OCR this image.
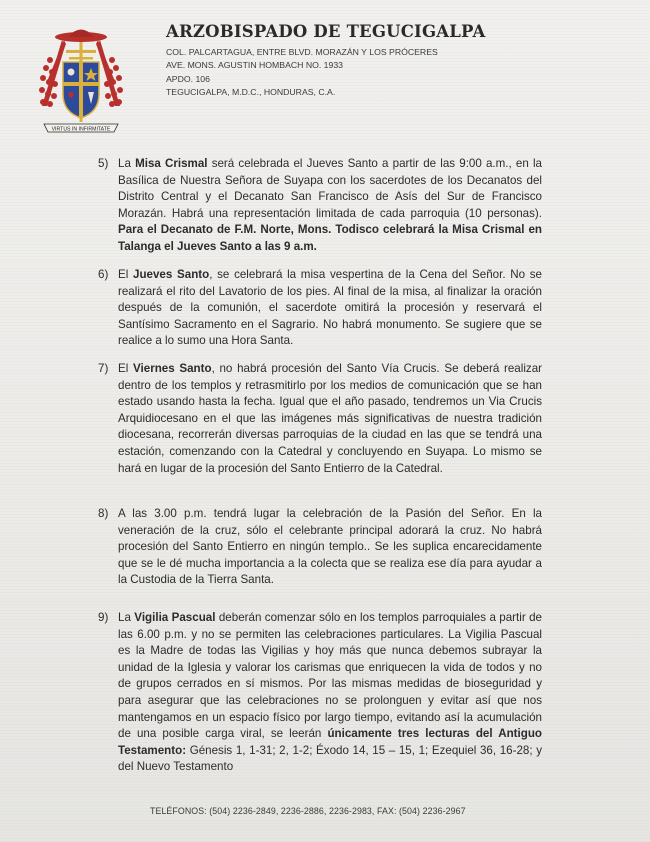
VIRTUS IN INFIRMITATE
ARZOBISPADO DE TEGUCIGALPA
COL. PALCARTAGUA, ENTRE BLVD. MORAZÁN Y LOS PRÓCERES
AVE. MONS. AGUSTIN HOMBACH NO. 1933
APDO. 106
TEGUCIGALPA, M.D.C., HONDURAS, C.A.
5) La Misa Crismal será celebrada el Jueves Santo a partir de las 9:00 a.m., en la Basílica de Nuestra Señora de Suyapa con los sacerdotes de los Decanatos del Distrito Central y el Decanato San Francisco de Asís del Sur de Francisco Morazán. Habrá una representación limitada de cada parroquia (10 personas). Para el Decanato de F.M. Norte, Mons. Todisco celebrará la Misa Crismal en Talanga el Jueves Santo a las 9 a.m.
6) El Jueves Santo, se celebrará la misa vespertina de la Cena del Señor. No se realizará el rito del Lavatorio de los pies. Al final de la misa, al finalizar la oración después de la comunión, el sacerdote omitirá la procesión y reservará el Santísimo Sacramento en el Sagrario. No habrá monumento. Se sugiere que se realice a lo sumo una Hora Santa.
7) El Viernes Santo, no habrá procesión del Santo Vía Crucis. Se deberá realizar dentro de los templos y retrasmitirlo por los medios de comunicación que se han estado usando hasta la fecha. Igual que el año pasado, tendremos un Via Crucis Arquidiocesano en el que las imágenes más significativas de nuestra tradición diocesana, recorrerán diversas parroquias de la ciudad en las que se tendrá una estación, comenzando con la Catedral y concluyendo en Suyapa. Lo mismo se hará en lugar de la procesión del Santo Entierro de la Catedral.
8) A las 3.00 p.m. tendrá lugar la celebración de la Pasión del Señor. En la veneración de la cruz, sólo el celebrante principal adorará la cruz. No habrá procesión del Santo Entierro en ningún templo.. Se les suplica encarecidamente que se le dé mucha importancia a la colecta que se realiza ese día para ayudar a la Custodia de la Tierra Santa.
9) La Vigilia Pascual deberán comenzar sólo en los templos parroquiales a partir de las 6.00 p.m. y no se permiten las celebraciones particulares. La Vigilia Pascual es la Madre de todas las Vigilias y hoy más que nunca debemos subrayar la unidad de la Iglesia y valorar los carismas que enriquecen la vida de todos y no de grupos cerrados en sí mismos. Por las mismas medidas de bioseguridad y para asegurar que las celebraciones no se prolonguen y evitar así que nos mantengamos en un espacio físico por largo tiempo, evitando así la acumulación de una posible carga viral, se leerán únicamente tres lecturas del Antiguo Testamento: Génesis 1, 1-31; 2, 1-2; Éxodo 14, 15 – 15, 1; Ezequiel 36, 16-28; y del Nuevo Testamento
TELÉFONOS: (504) 2236-2849, 2236-2886, 2236-2983, FAX: (504) 2236-2967
